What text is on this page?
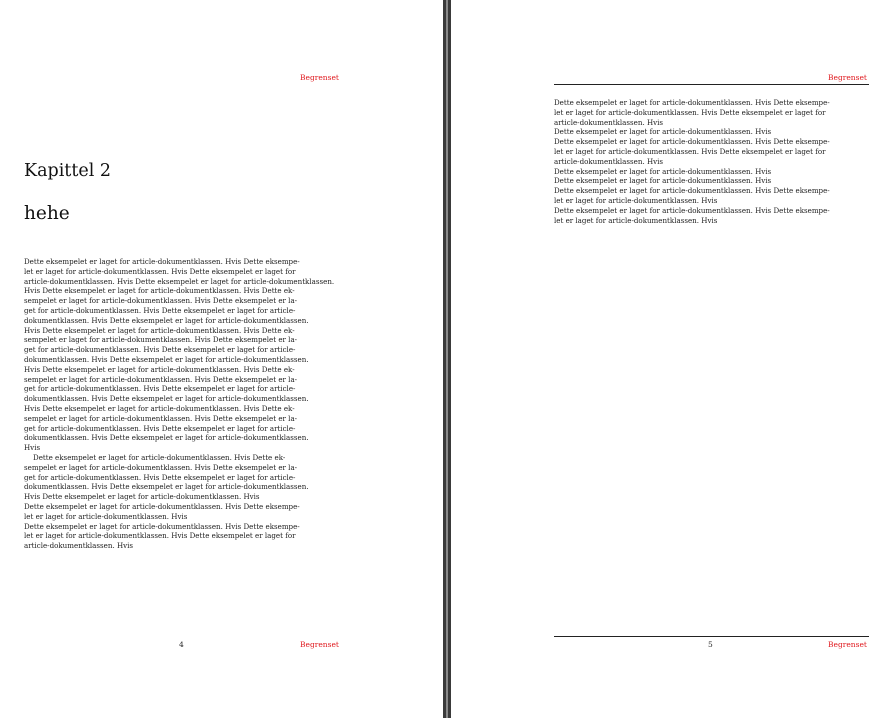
Begrenset
Kapittel 2
hehe
Dette eksempelet er laget for article-dokumentklassen. Hvis Dette eksempe-
let er laget for article-dokumentklassen. Hvis Dette eksempelet er laget for
article-dokumentklassen. Hvis Dette eksempelet er laget for article-dokumentklassen.
Hvis Dette eksempelet er laget for article-dokumentklassen. Hvis Dette ek-
sempelet er laget for article-dokumentklassen. Hvis Dette eksempelet er la-
get for article-dokumentklassen. Hvis Dette eksempelet er laget for article-
dokumentklassen. Hvis Dette eksempelet er laget for article-dokumentklassen.
Hvis Dette eksempelet er laget for article-dokumentklassen. Hvis Dette ek-
sempelet er laget for article-dokumentklassen. Hvis Dette eksempelet er la-
get for article-dokumentklassen. Hvis Dette eksempelet er laget for article-
dokumentklassen. Hvis Dette eksempelet er laget for article-dokumentklassen.
Hvis Dette eksempelet er laget for article-dokumentklassen. Hvis Dette ek-
sempelet er laget for article-dokumentklassen. Hvis Dette eksempelet er la-
get for article-dokumentklassen. Hvis Dette eksempelet er laget for article-
dokumentklassen. Hvis Dette eksempelet er laget for article-dokumentklassen.
Hvis Dette eksempelet er laget for article-dokumentklassen. Hvis Dette ek-
sempelet er laget for article-dokumentklassen. Hvis Dette eksempelet er la-
get for article-dokumentklassen. Hvis Dette eksempelet er laget for article-
dokumentklassen. Hvis Dette eksempelet er laget for article-dokumentklassen.
Hvis
Dette eksempelet er laget for article-dokumentklassen. Hvis Dette ek-
sempelet er laget for article-dokumentklassen. Hvis Dette eksempelet er la-
get for article-dokumentklassen. Hvis Dette eksempelet er laget for article-
dokumentklassen. Hvis Dette eksempelet er laget for article-dokumentklassen.
Hvis Dette eksempelet er laget for article-dokumentklassen. Hvis
Dette eksempelet er laget for article-dokumentklassen. Hvis Dette eksempe-
let er laget for article-dokumentklassen. Hvis
Dette eksempelet er laget for article-dokumentklassen. Hvis Dette eksempe-
let er laget for article-dokumentklassen. Hvis Dette eksempelet er laget for
article-dokumentklassen. Hvis
4	Begrenset
Begrenset
Dette eksempelet er laget for article-dokumentklassen. Hvis Dette eksempe-
let er laget for article-dokumentklassen. Hvis Dette eksempelet er laget for
article-dokumentklassen. Hvis
Dette eksempelet er laget for article-dokumentklassen. Hvis
Dette eksempelet er laget for article-dokumentklassen. Hvis Dette eksempe-
let er laget for article-dokumentklassen. Hvis Dette eksempelet er laget for
article-dokumentklassen. Hvis
Dette eksempelet er laget for article-dokumentklassen. Hvis
Dette eksempelet er laget for article-dokumentklassen. Hvis
Dette eksempelet er laget for article-dokumentklassen. Hvis Dette eksempe-
let er laget for article-dokumentklassen. Hvis
Dette eksempelet er laget for article-dokumentklassen. Hvis Dette eksempe-
let er laget for article-dokumentklassen. Hvis
5	Begrenset
